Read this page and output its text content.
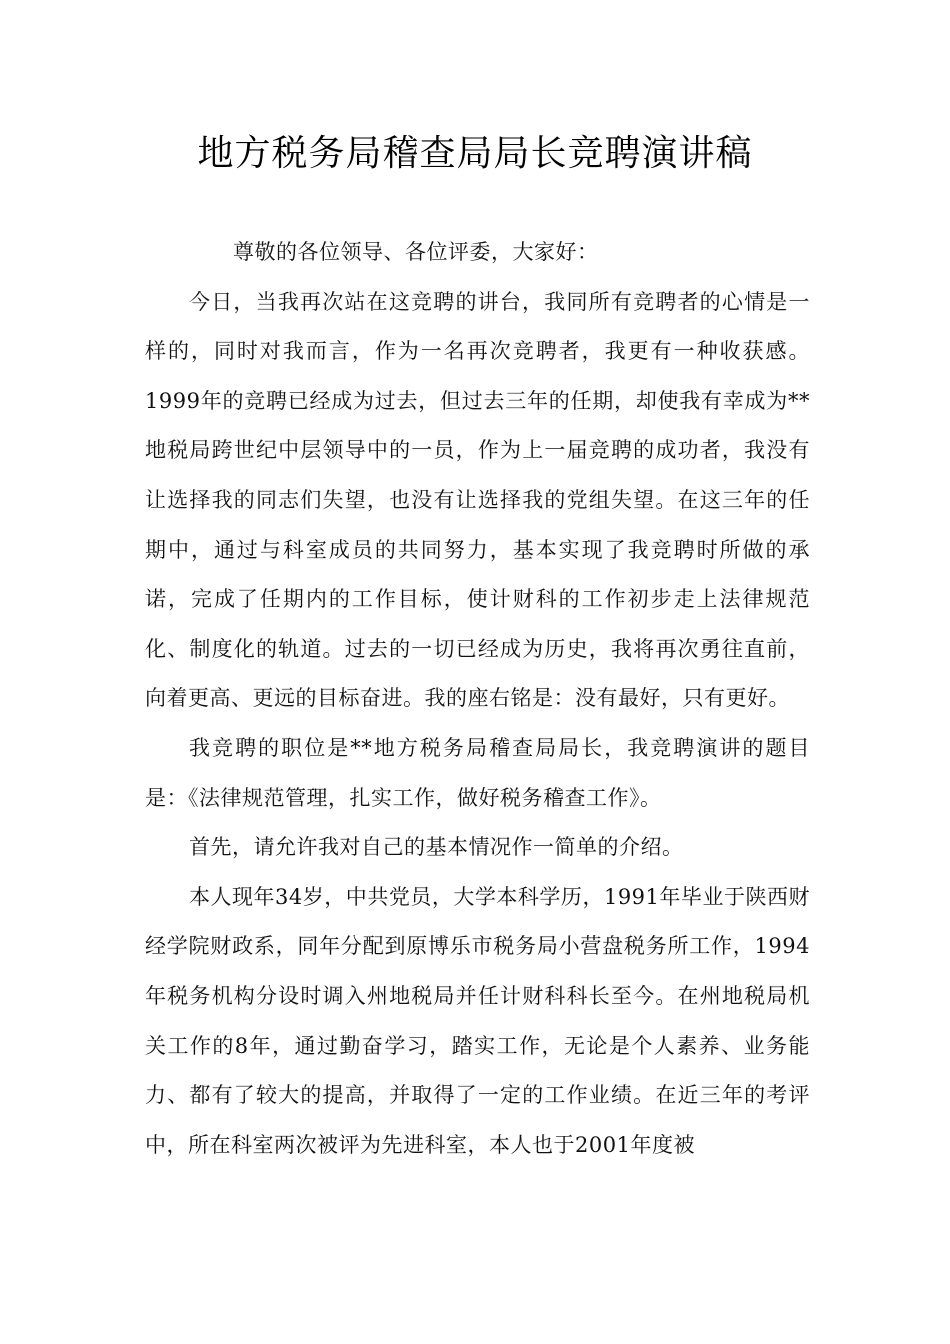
地方税务局稽查局局长竞聘演讲稿

尊敬的各位领导、各位评委，大家好：

今日，当我再次站在这竞聘的讲台，我同所有竞聘者的心情是一样的，同时对我而言，作为一名再次竞聘者，我更有一种收获感。1999年的竞聘已经成为过去，但过去三年的任期，却使我有幸成为**地税局跨世纪中层领导中的一员，作为上一届竞聘的成功者，我没有让选择我的同志们失望，也没有让选择我的党组失望。在这三年的任期中，通过与科室成员的共同努力，基本实现了我竞聘时所做的承诺，完成了任期内的工作目标，使计财科的工作初步走上法律规范化、制度化的轨道。过去的一切已经成为历史，我将再次勇往直前，向着更高、更远的目标奋进。我的座右铭是：没有最好，只有更好。

我竞聘的职位是**地方税务局稽查局局长，我竞聘演讲的题目是：《法律规范管理，扎实工作，做好税务稽查工作》。

首先，请允许我对自己的基本情况作一简单的介绍。

本人现年34岁，中共党员，大学本科学历，1991年毕业于陕西财经学院财政系，同年分配到原博乐市税务局小营盘税务所工作，1994年税务机构分设时调入州地税局并任计财科科长至今。在州地税局机关工作的8年，通过勤奋学习，踏实工作，无论是个人素养、业务能力、都有了较大的提高，并取得了一定的工作业绩。在近三年的考评中，所在科室两次被评为先进科室，本人也于2001年度被
